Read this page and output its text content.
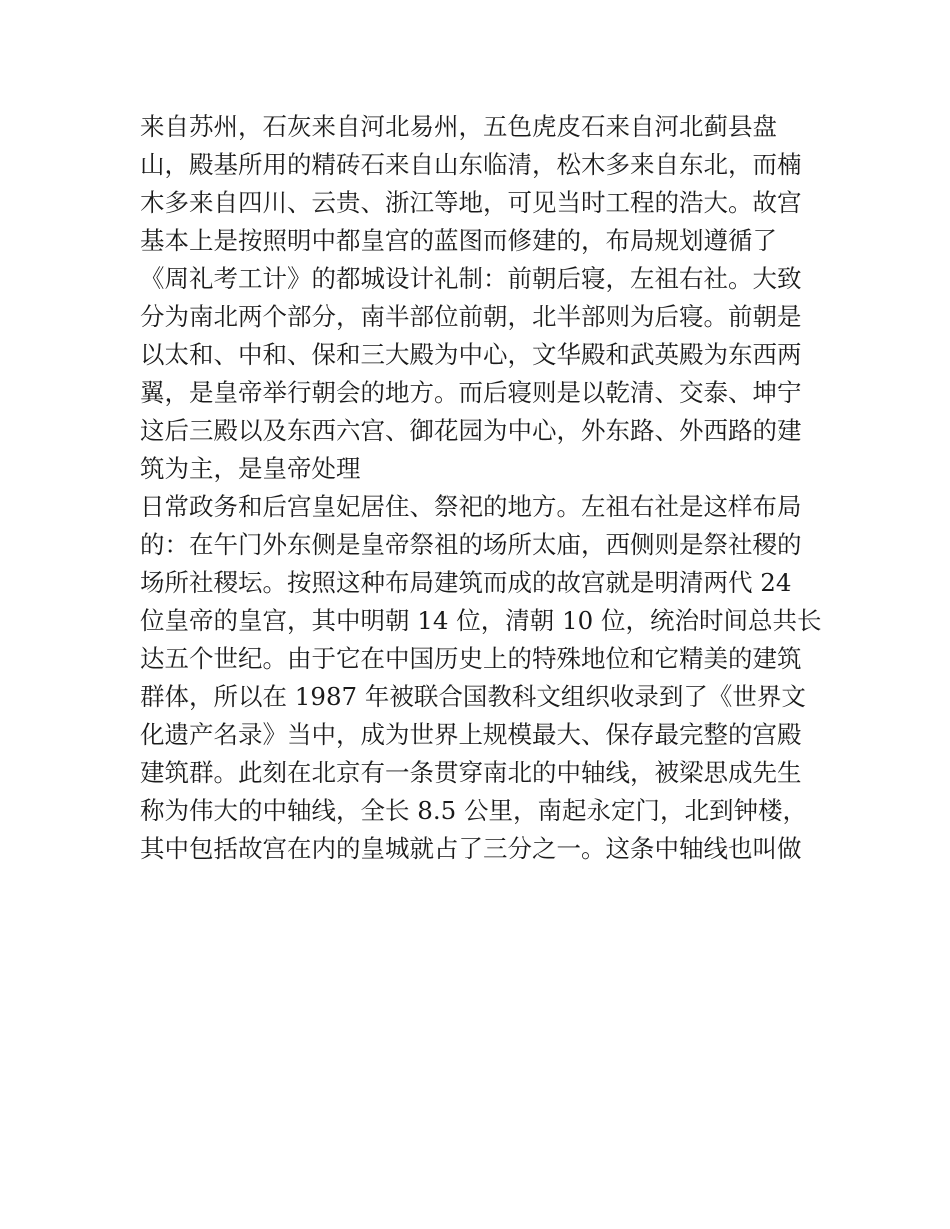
来自苏州，石灰来自河北易州，五色虎皮石来自河北蓟县盘
山，殿基所用的精砖石来自山东临清，松木多来自东北，而楠
木多来自四川、云贵、浙江等地，可见当时工程的浩大。故宫
基本上是按照明中都皇宫的蓝图而修建的，布局规划遵循了
《周礼考工计》的都城设计礼制：前朝后寝，左祖右社。大致
分为南北两个部分，南半部位前朝，北半部则为后寝。前朝是
以太和、中和、保和三大殿为中心，文华殿和武英殿为东西两
翼，是皇帝举行朝会的地方。而后寝则是以乾清、交泰、坤宁
这后三殿以及东西六宫、御花园为中心，外东路、外西路的建
筑为主，是皇帝处理
日常政务和后宫皇妃居住、祭祀的地方。左祖右社是这样布局
的：在午门外东侧是皇帝祭祖的场所太庙，西侧则是祭社稷的
场所社稷坛。按照这种布局建筑而成的故宫就是明清两代 24
位皇帝的皇宫，其中明朝 14 位，清朝 10 位，统治时间总共长
达五个世纪。由于它在中国历史上的特殊地位和它精美的建筑
群体，所以在 1987 年被联合国教科文组织收录到了《世界文
化遗产名录》当中，成为世界上规模最大、保存最完整的宫殿
建筑群。此刻在北京有一条贯穿南北的中轴线，被梁思成先生
称为伟大的中轴线，全长 8.5 公里，南起永定门，北到钟楼，
其中包括故宫在内的皇城就占了三分之一。这条中轴线也叫做
